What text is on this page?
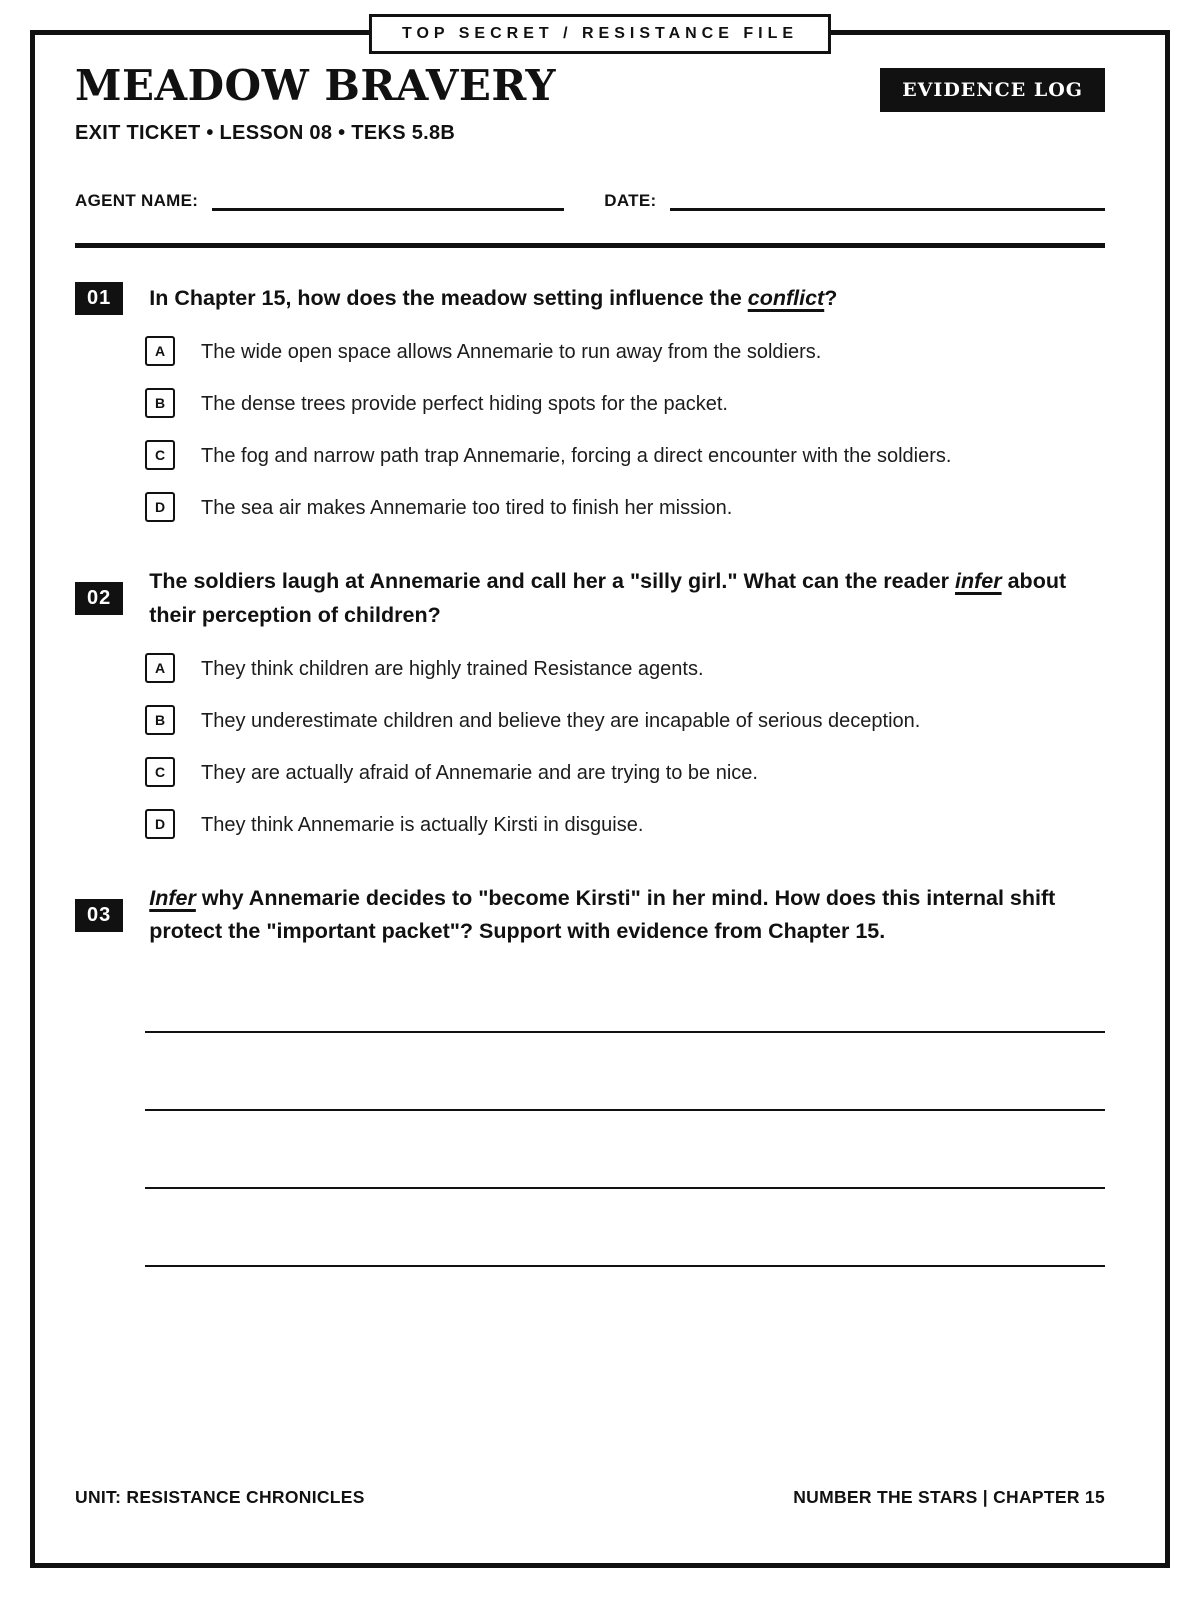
TOP SECRET / RESISTANCE FILE
MEADOW BRAVERY	EVIDENCE LOG
EXIT TICKET • LESSON 08 • TEKS 5.8B
AGENT NAME:	DATE:
01	In Chapter 15, how does the meadow setting influence the conflict?
A	The wide open space allows Annemarie to run away from the soldiers.
B	The dense trees provide perfect hiding spots for the packet.
C	The fog and narrow path trap Annemarie, forcing a direct encounter with the soldiers.
D	The sea air makes Annemarie too tired to finish her mission.
02
The soldiers laugh at Annemarie and call her a "silly girl." What can the reader infer about their perception of children?
A	They think children are highly trained Resistance agents.
B	They underestimate children and believe they are incapable of serious deception.
C	They are actually afraid of Annemarie and are trying to be nice.
D	They think Annemarie is actually Kirsti in disguise.
03
Infer why Annemarie decides to "become Kirsti" in her mind. How does this internal shift protect the "important packet"? Support with evidence from Chapter 15.
UNIT: RESISTANCE CHRONICLES	NUMBER THE STARS | CHAPTER 15
